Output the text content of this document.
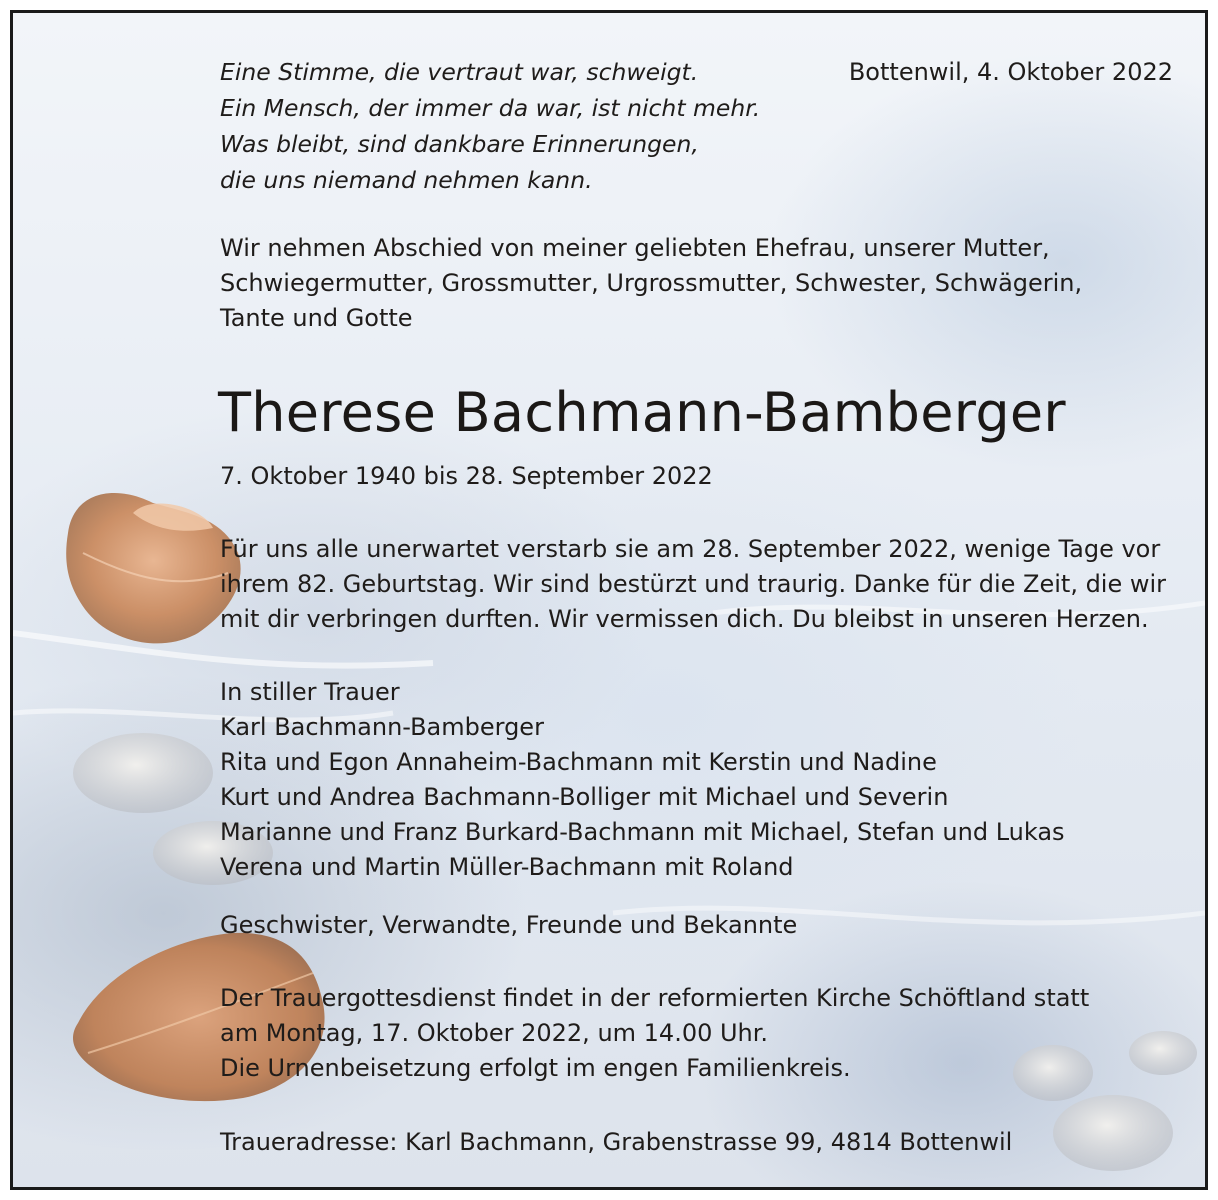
Eine Stimme, die vertraut war, schweigt.
Ein Mensch, der immer da war, ist nicht mehr.
Was bleibt, sind dankbare Erinnerungen,
die uns niemand nehmen kann.
Bottenwil, 4. Oktober 2022
Wir nehmen Abschied von meiner geliebten Ehefrau, unserer Mutter,
Schwiegermutter, Grossmutter, Urgrossmutter, Schwester, Schwägerin,
Tante und Gotte
Therese Bachmann-Bamberger
7. Oktober 1940 bis 28. September 2022
Für uns alle unerwartet verstarb sie am 28. September 2022, wenige Tage vor
ihrem 82. Geburtstag. Wir sind bestürzt und traurig. Danke für die Zeit, die wir
mit dir verbringen durften. Wir vermissen dich. Du bleibst in unseren Herzen.
In stiller Trauer
Karl Bachmann-Bamberger
Rita und Egon Annaheim-Bachmann mit Kerstin und Nadine
Kurt und Andrea Bachmann-Bolliger mit Michael und Severin
Marianne und Franz Burkard-Bachmann mit Michael, Stefan und Lukas
Verena und Martin Müller-Bachmann mit Roland
Geschwister, Verwandte, Freunde und Bekannte
Der Trauergottesdienst findet in der reformierten Kirche Schöftland statt
am Montag, 17. Oktober 2022, um 14.00 Uhr.
Die Urnenbeisetzung erfolgt im engen Familienkreis.
Traueradresse: Karl Bachmann, Grabenstrasse 99, 4814 Bottenwil
